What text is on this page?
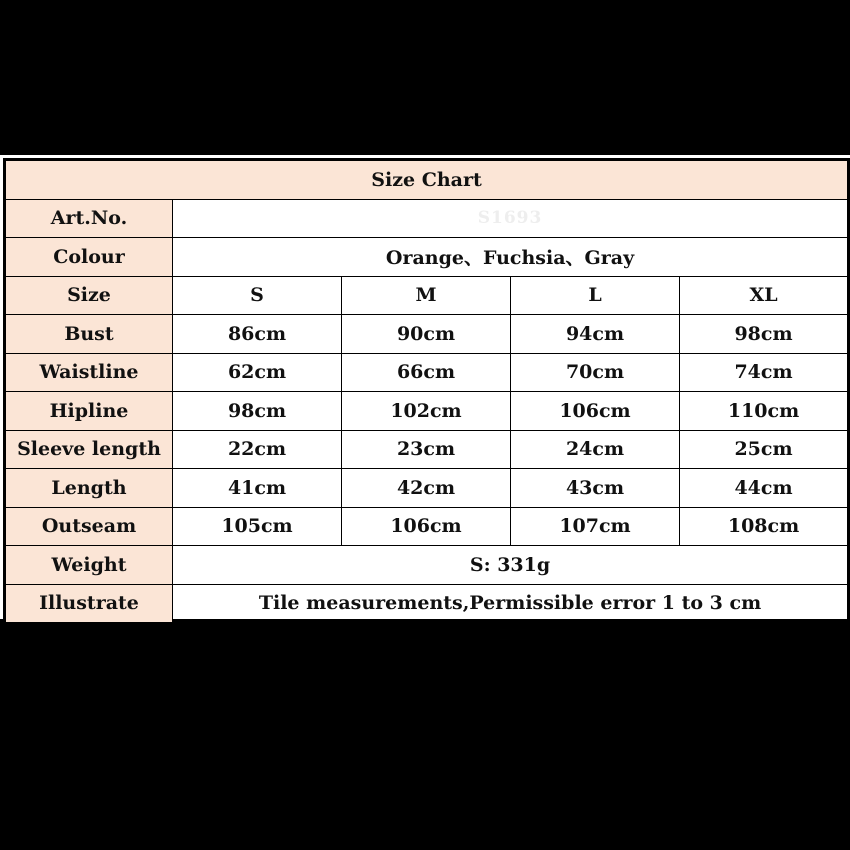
Size Chart				
Art.No.	S1693			
Colour	Orange、Fuchsia、Gray			
Size	S	M	L	XL
Bust	86cm	90cm	94cm	98cm
Waistline	62cm	66cm	70cm	74cm
Hipline	98cm	102cm	106cm	110cm
Sleeve length	22cm	23cm	24cm	25cm
Length	41cm	42cm	43cm	44cm
Outseam	105cm	106cm	107cm	108cm
Weight	S: 331g			
Illustrate	Tile measurements,Permissible error 1 to 3 cm			
